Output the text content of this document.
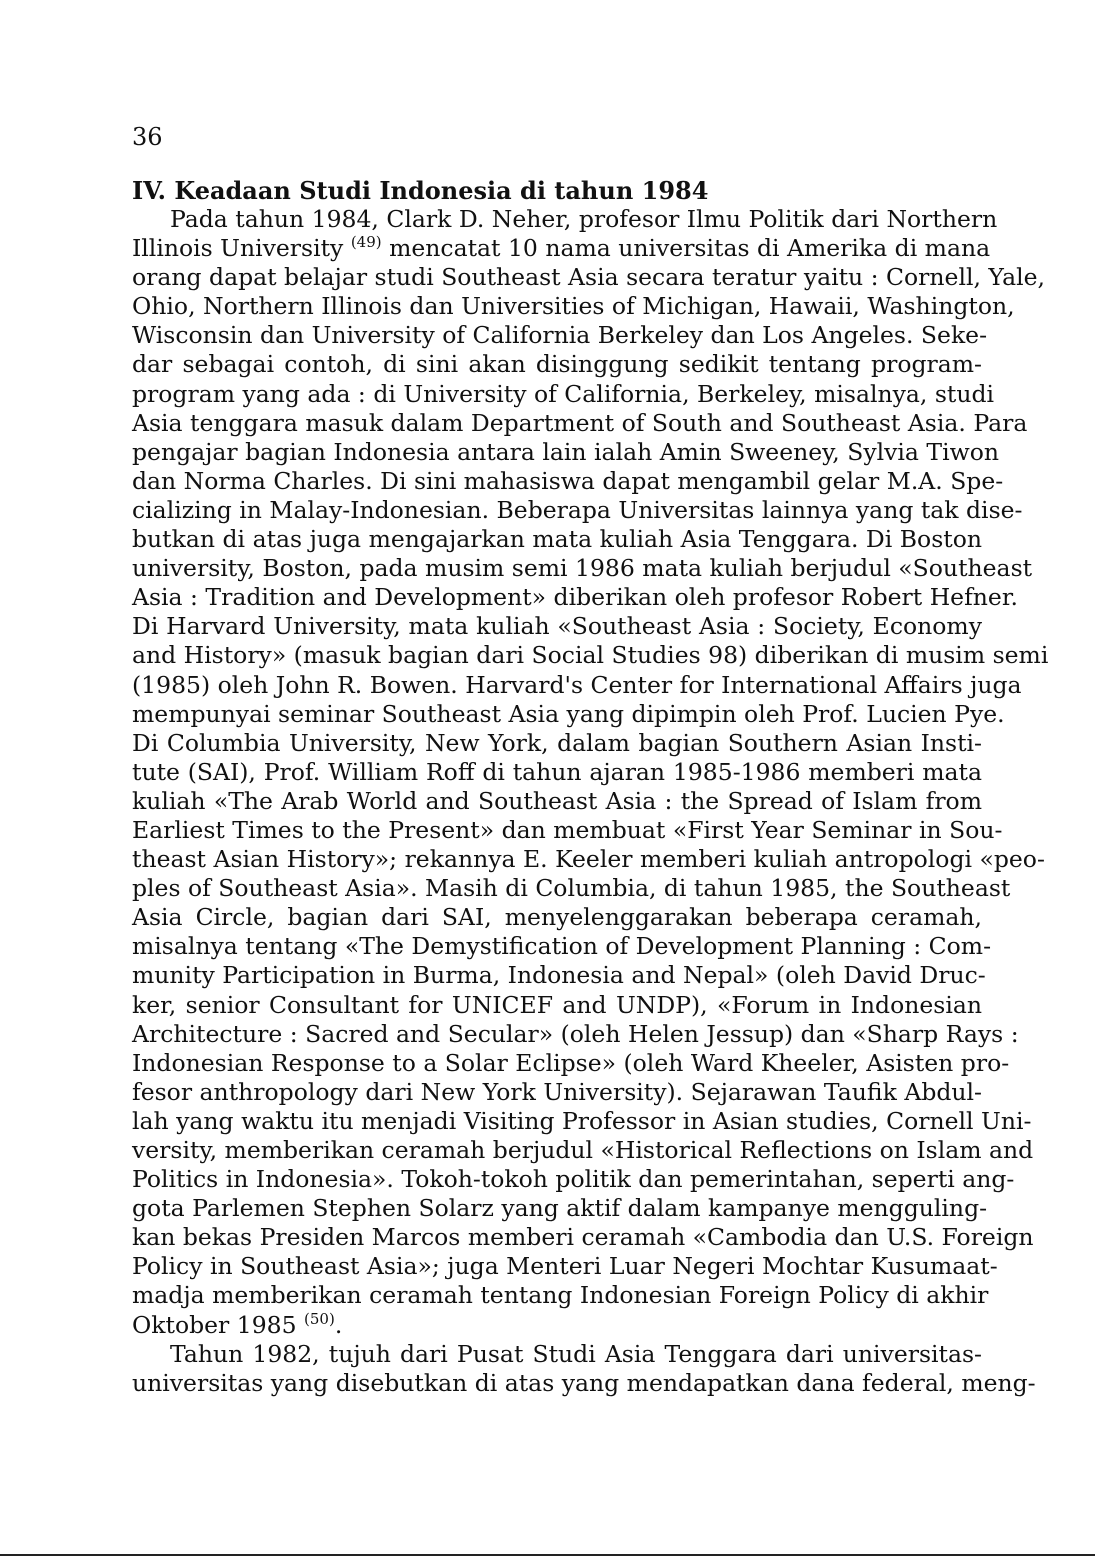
36
IV. Keadaan Studi Indonesia di tahun 1984
Pada tahun 1984, Clark D. Neher, profesor Ilmu Politik dari Northern
Illinois University $^{(49)}$ mencatat 10 nama universitas di Amerika di mana
orang dapat belajar studi Southeast Asia secara teratur yaitu : Cornell, Yale,
Ohio, Northern Illinois dan Universities of Michigan, Hawaii, Washington,
Wisconsin dan University of California Berkeley dan Los Angeles. Seke-
dar sebagai contoh, di sini akan disinggung sedikit tentang program-
program yang ada : di University of California, Berkeley, misalnya, studi
Asia tenggara masuk dalam Department of South and Southeast Asia. Para
pengajar bagian Indonesia antara lain ialah Amin Sweeney, Sylvia Tiwon
dan Norma Charles. Di sini mahasiswa dapat mengambil gelar M.A. Spe-
cializing in Malay-Indonesian. Beberapa Universitas lainnya yang tak dise-
butkan di atas juga mengajarkan mata kuliah Asia Tenggara. Di Boston
university, Boston, pada musim semi 1986 mata kuliah berjudul «Southeast
Asia : Tradition and Development» diberikan oleh profesor Robert Hefner.
Di Harvard University, mata kuliah «Southeast Asia : Society, Economy
and History» (masuk bagian dari Social Studies 98) diberikan di musim semi
(1985) oleh John R. Bowen. Harvard's Center for International Affairs juga
mempunyai seminar Southeast Asia yang dipimpin oleh Prof. Lucien Pye.
Di Columbia University, New York, dalam bagian Southern Asian Insti-
tute (SAI), Prof. William Roff di tahun ajaran 1985-1986 memberi mata
kuliah «The Arab World and Southeast Asia : the Spread of Islam from
Earliest Times to the Present» dan membuat «First Year Seminar in Sou-
theast Asian History»; rekannya E. Keeler memberi kuliah antropologi «peo-
ples of Southeast Asia». Masih di Columbia, di tahun 1985, the Southeast
Asia Circle, bagian dari SAI, menyelenggarakan beberapa ceramah,
misalnya tentang «The Demystification of Development Planning : Com-
munity Participation in Burma, Indonesia and Nepal» (oleh David Druc-
ker, senior Consultant for UNICEF and UNDP), «Forum in Indonesian
Architecture : Sacred and Secular» (oleh Helen Jessup) dan «Sharp Rays :
Indonesian Response to a Solar Eclipse» (oleh Ward Kheeler, Asisten pro-
fesor anthropology dari New York University). Sejarawan Taufik Abdul-
lah yang waktu itu menjadi Visiting Professor in Asian studies, Cornell Uni-
versity, memberikan ceramah berjudul «Historical Reflections on Islam and
Politics in Indonesia». Tokoh-tokoh politik dan pemerintahan, seperti ang-
gota Parlemen Stephen Solarz yang aktif dalam kampanye mengguling-
kan bekas Presiden Marcos memberi ceramah «Cambodia dan U.S. Foreign
Policy in Southeast Asia»; juga Menteri Luar Negeri Mochtar Kusumaat-
madja memberikan ceramah tentang Indonesian Foreign Policy di akhir
Oktober 1985 $^{(50)}$.
Tahun 1982, tujuh dari Pusat Studi Asia Tenggara dari universitas-
universitas yang disebutkan di atas yang mendapatkan dana federal, meng-
